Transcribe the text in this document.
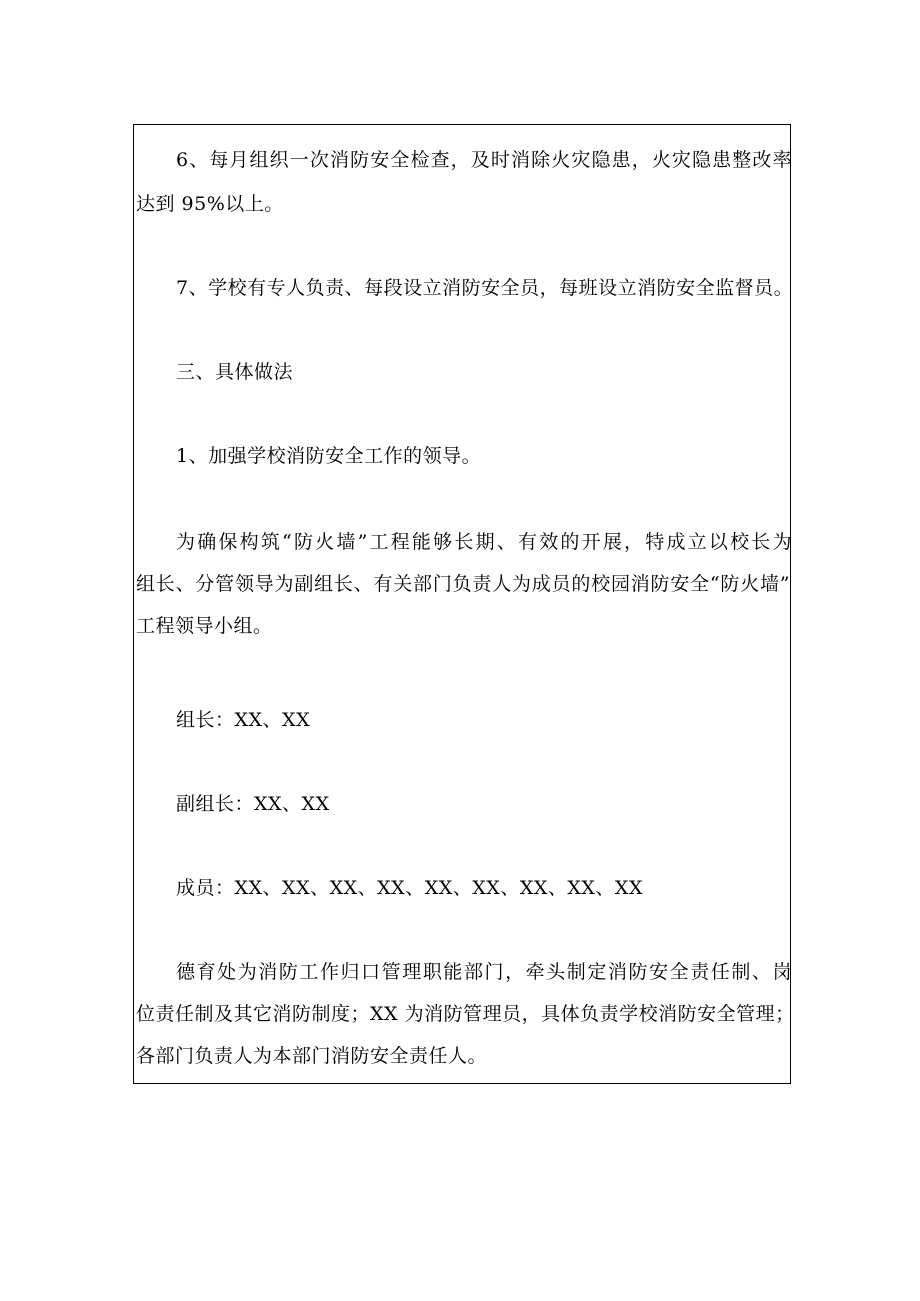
6、每月组织一次消防安全检查，及时消除火灾隐患，火灾隐患整改率
达到 95%以上。
7、学校有专人负责、每段设立消防安全员，每班设立消防安全监督员。
三、具体做法
1、加强学校消防安全工作的领导。
为确保构筑“防火墙”工程能够长期、有效的开展，特成立以校长为
组长、分管领导为副组长、有关部门负责人为成员的校园消防安全“防火墙”
工程领导小组。
组长：XX、XX
副组长：XX、XX
成员：XX、XX、XX、XX、XX、XX、XX、XX、XX
德育处为消防工作归口管理职能部门，牵头制定消防安全责任制、岗
位责任制及其它消防制度；XX 为消防管理员，具体负责学校消防安全管理；
各部门负责人为本部门消防安全责任人。
